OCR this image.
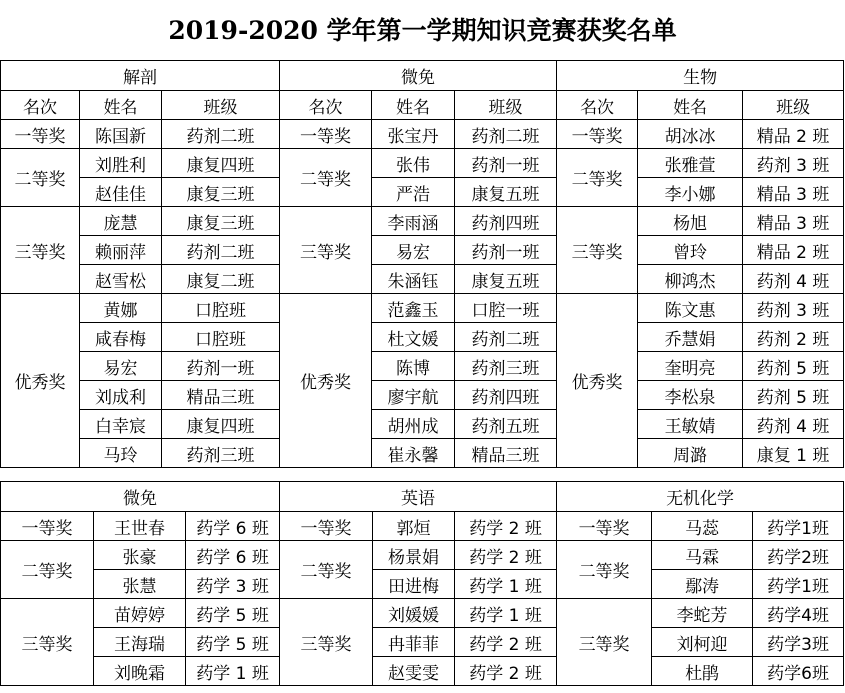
2019-2020 学年第一学期知识竞赛获奖名单
解剖			微免			生物		
名次	姓名	班级	名次	姓名	班级	名次	姓名	班级
一等奖	陈国新	药剂二班	一等奖	张宝丹	药剂二班	一等奖	胡冰冰	精品 2 班
二等奖	刘胜利	康复四班	二等奖	张伟	药剂一班	二等奖	张雅萱	药剂 3 班
	赵佳佳	康复三班		严浩	康复五班		李小娜	精品 3 班
三等奖	庞慧	康复三班	三等奖	李雨涵	药剂四班	三等奖	杨旭	精品 3 班
	赖丽萍	药剂二班		易宏	药剂一班		曾玲	精品 2 班
	赵雪松	康复二班		朱涵钰	康复五班		柳鸿杰	药剂 4 班
优秀奖	黄娜	口腔班	优秀奖	范鑫玉	口腔一班	优秀奖	陈文惠	药剂 3 班
	咸春梅	口腔班		杜文媛	药剂二班		乔慧娟	药剂 2 班
	易宏	药剂一班		陈博	药剂三班		奎明亮	药剂 5 班
	刘成利	精品三班		廖宇航	药剂四班		李松泉	药剂 5 班
	白幸宸	康复四班		胡州成	药剂五班		王敏婧	药剂 4 班
	马玲	药剂三班		崔永馨	精品三班		周潞	康复 1 班
微免			英语			无机化学		
一等奖	王世春	药学 6 班	一等奖	郭烜	药学 2 班	一等奖	马蕊	药学1班
二等奖	张豪	药学 6 班	二等奖	杨景娟	药学 2 班	二等奖	马霖	药学2班
	张慧	药学 3 班		田进梅	药学 1 班		鄢涛	药学1班
三等奖	苗婷婷	药学 5 班	三等奖	刘媛媛	药学 1 班	三等奖	李蛇芳	药学4班
	王海瑞	药学 5 班		冉菲菲	药学 2 班		刘柯迎	药学3班
	刘晚霜	药学 1 班		赵雯雯	药学 2 班		杜鹃	药学6班
